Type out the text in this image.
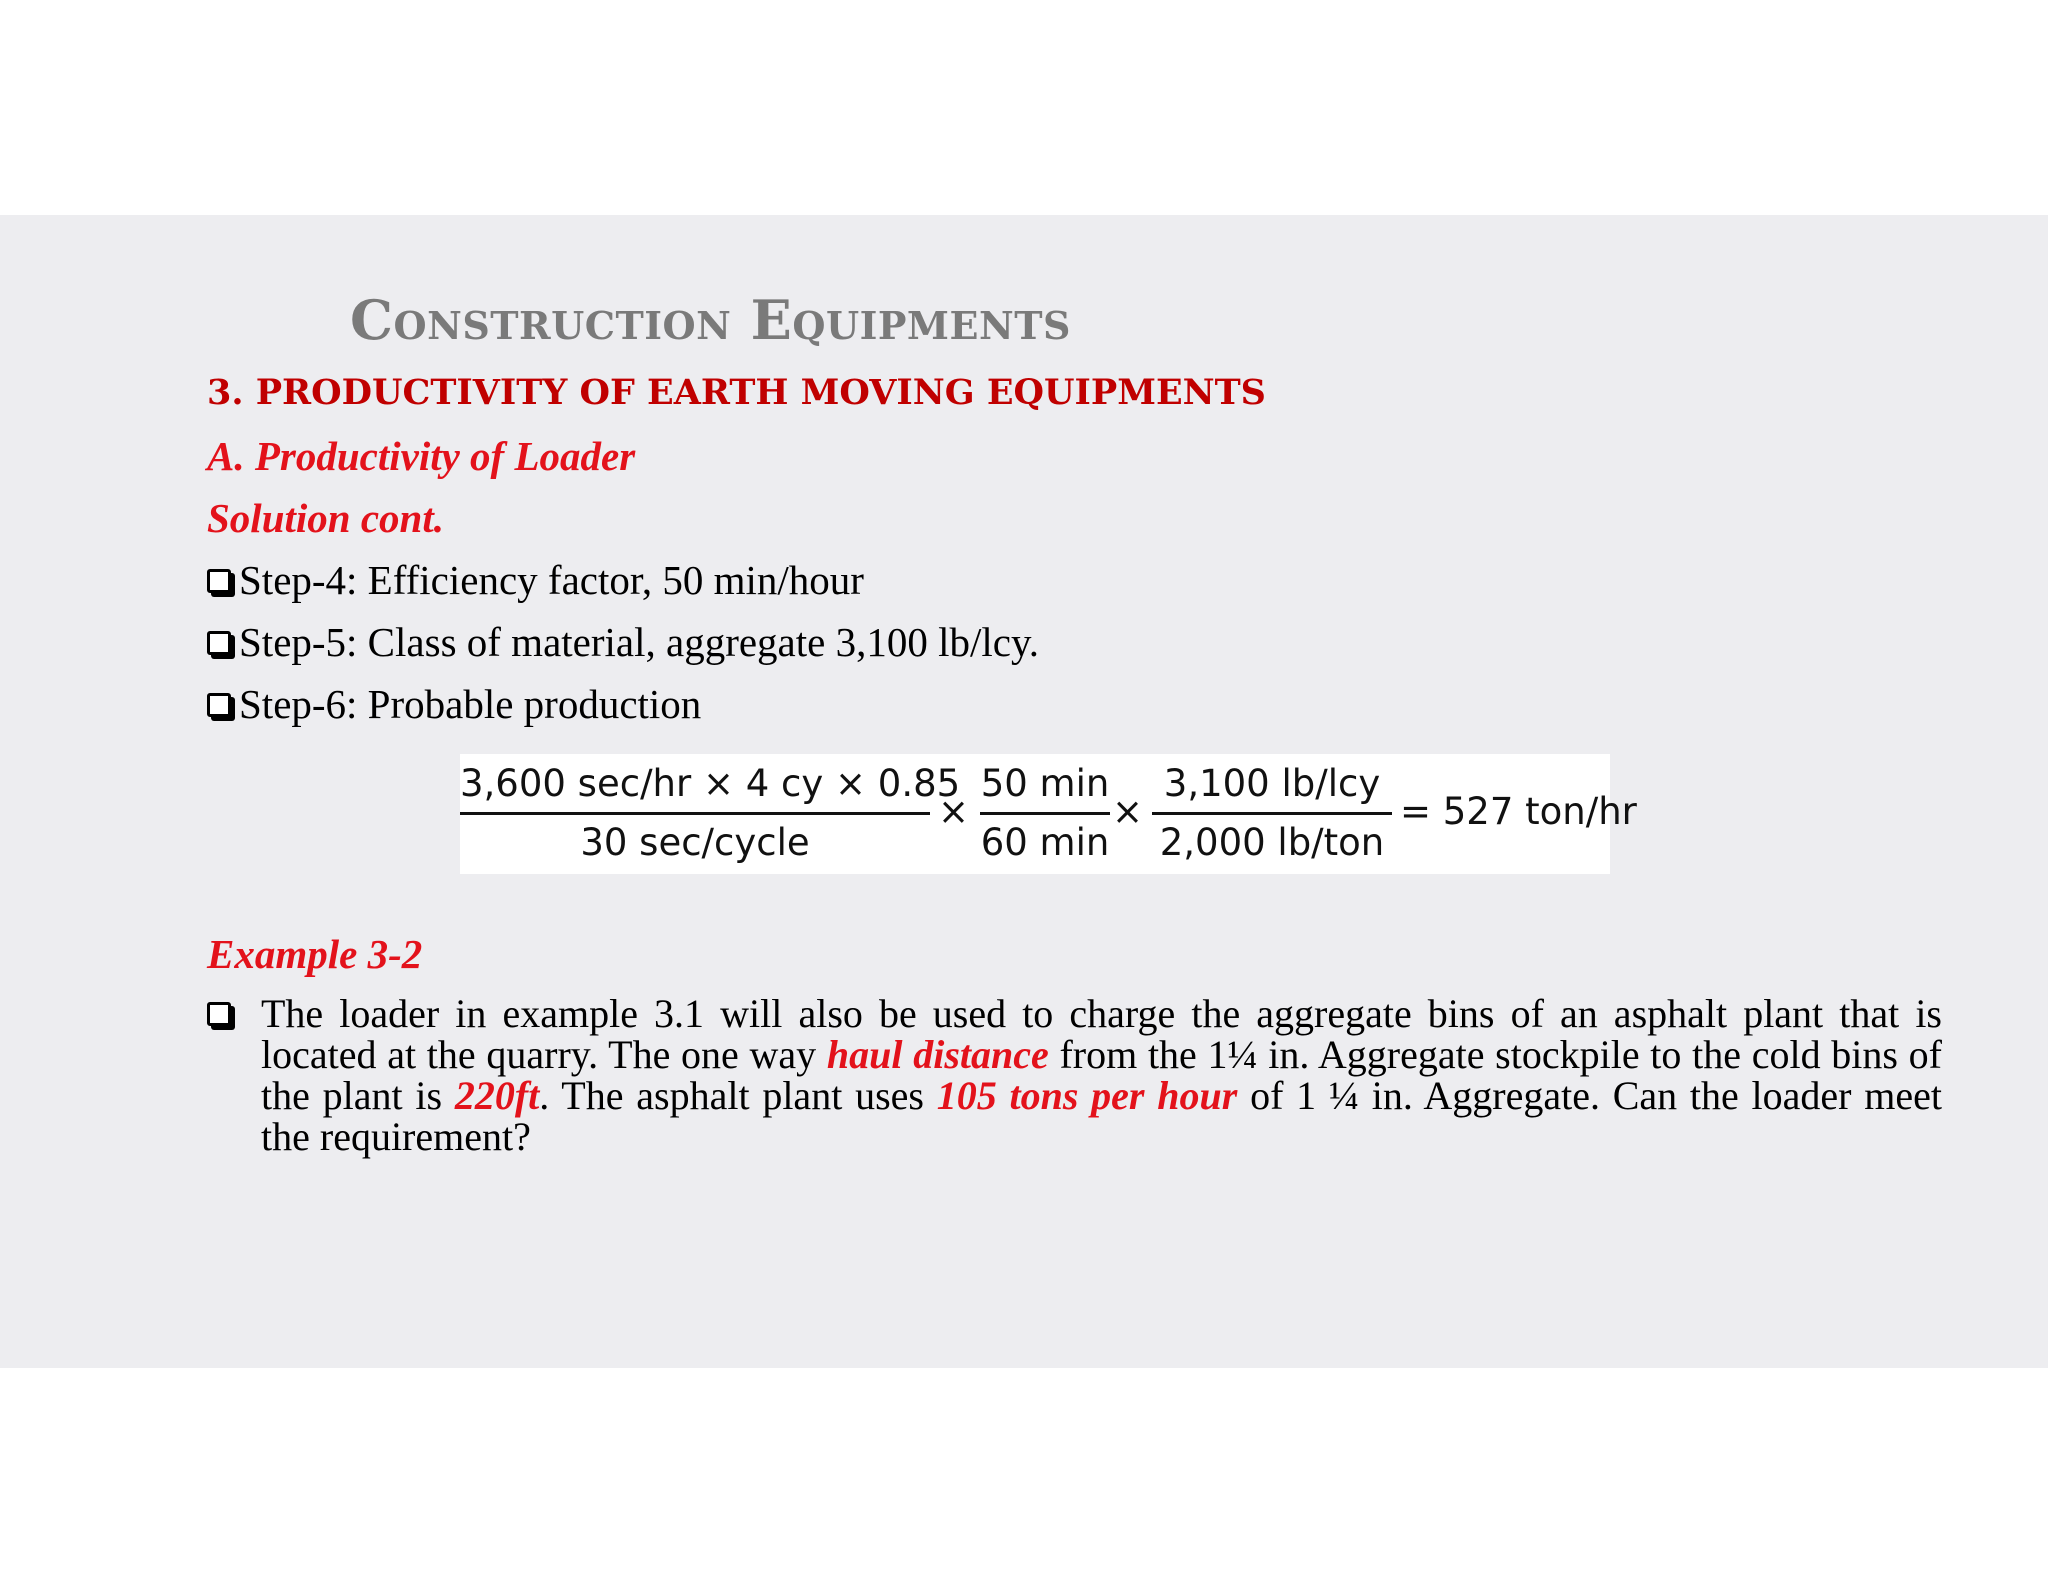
Construction Equipments
3. PRODUCTIVITY OF EARTH MOVING EQUIPMENTS
A. Productivity of Loader
Solution cont.
Step-4: Efficiency factor, 50 min/hour
Step-5: Class of material, aggregate 3,100 lb/lcy.
Step-6: Probable production
3,600 sec/hr × 4 cy × 0.85
30 sec/cycle
×
50 min
60 min
×
3,100 lb/lcy
2,000 lb/ton
= 527 ton/hr
Example 3-2
The loader in example 3.1 will also be used to charge the aggregate bins of an asphalt plant that is located at the quarry. The one way haul distance from the 1¼ in. Aggregate stockpile to the cold bins of the plant is 220ft. The asphalt plant uses 105 tons per hour of 1 ¼ in. Aggregate. Can the loader meet the requirement?
